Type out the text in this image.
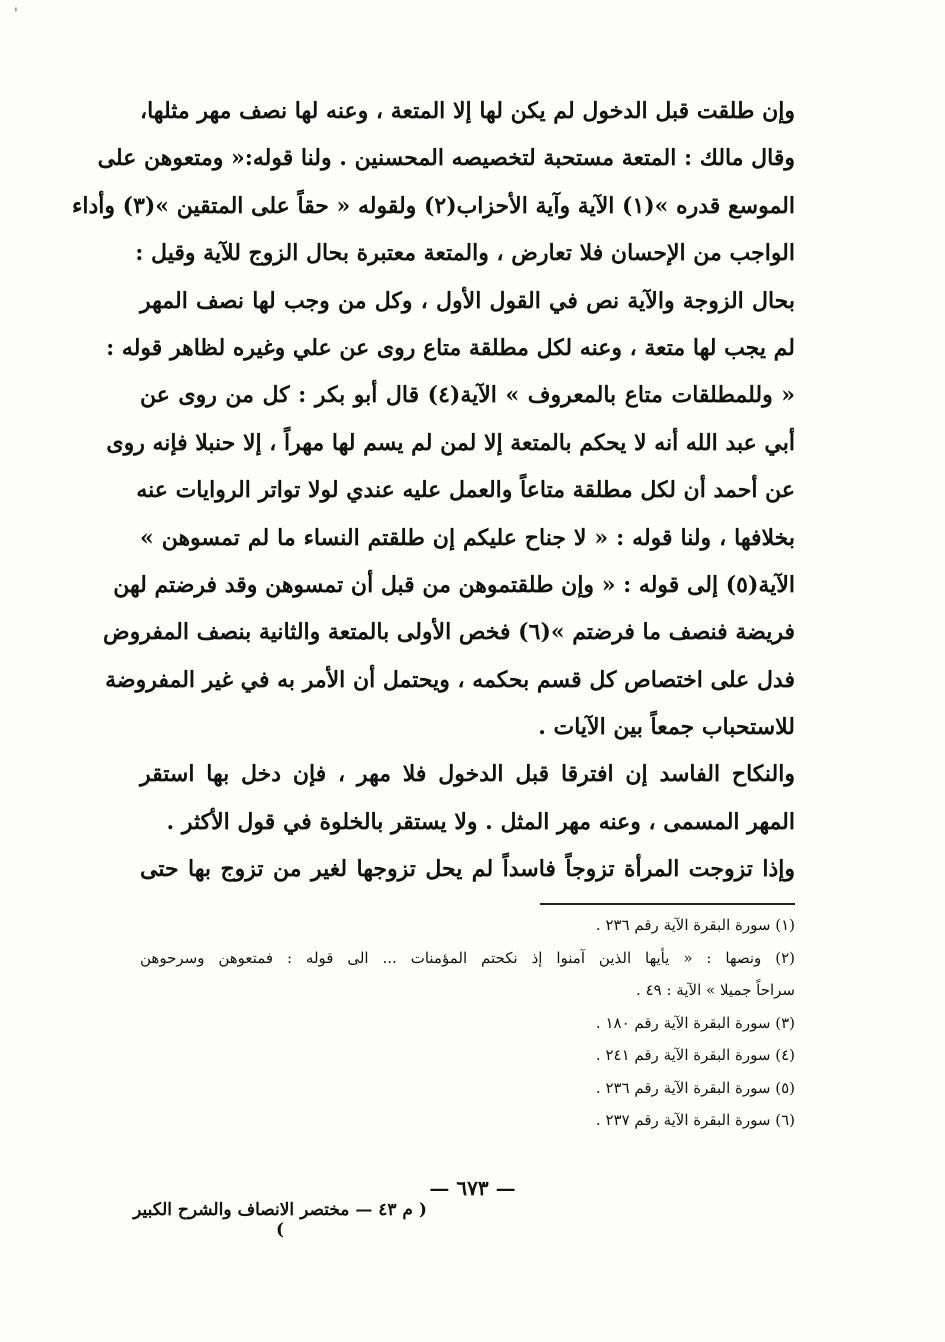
'
وإن طلقت قبل الدخول لم يكن لها إلا المتعة ، وعنه لها نصف مهر مثلها،
وقال مالك : المتعة مستحبة لتخصيصه المحسنين . ولنا قوله:« ومتعوهن على
الموسع قدره »(١) الآية وآية الأحزاب(٢) ولقوله « حقاً على المتقين »(٣) وأداء
الواجب من الإحسان فلا تعارض ، والمتعة معتبرة بحال الزوج للآية وقيل :
بحال الزوجة والآية نص في القول الأول ، وكل من وجب لها نصف المهر
لم يجب لها متعة ، وعنه لكل مطلقة متاع روى عن علي وغيره لظاهر قوله :
« وللمطلقات متاع بالمعروف » الآية(٤) قال أبو بكر : كل من روى عن
أبي عبد الله أنه لا يحكم بالمتعة إلا لمن لم يسم لها مهراً ، إلا حنبلا فإنه روى
عن أحمد أن لكل مطلقة متاعاً والعمل عليه عندي لولا تواتر الروايات عنه
بخلافها ، ولنا قوله : « لا جناح عليكم إن طلقتم النساء ما لم تمسوهن »
الآية(٥) إلى قوله : « وإن طلقتموهن من قبل أن تمسوهن وقد فرضتم لهن
فريضة فنصف ما فرضتم »(٦) فخص الأولى بالمتعة والثانية بنصف المفروض
فدل على اختصاص كل قسم بحكمه ، ويحتمل أن الأمر به في غير المفروضة
للاستحباب جمعاً بين الآيات .
والنكاح الفاسد إن افترقا قبل الدخول فلا مهر ، فإن دخل بها استقر
المهر المسمى ، وعنه مهر المثل . ولا يستقر بالخلوة في قول الأكثر .
وإذا تزوجت المرأة تزوجاً فاسداً لم يحل تزوجها لغير من تزوج بها حتى
(١) سورة البقرة الآية رقم ٢٣٦ .
(٢) ونصها : « يأيها الذين آمنوا إذ نكحتم المؤمنات ... الى قوله : فمتعوهن وسرحوهن
سراحاً جميلا » الآية : ٤٩ .
(٣) سورة البقرة الآية رقم ١٨٠ .
(٤) سورة البقرة الآية رقم ٢٤١ .
(٥) سورة البقرة الآية رقم ٢٣٦ .
(٦) سورة البقرة الآية رقم ٢٣٧ .
— ٦٧٣ —
( م ٤٣ — مختصر الانصاف والشرح الكبير )
